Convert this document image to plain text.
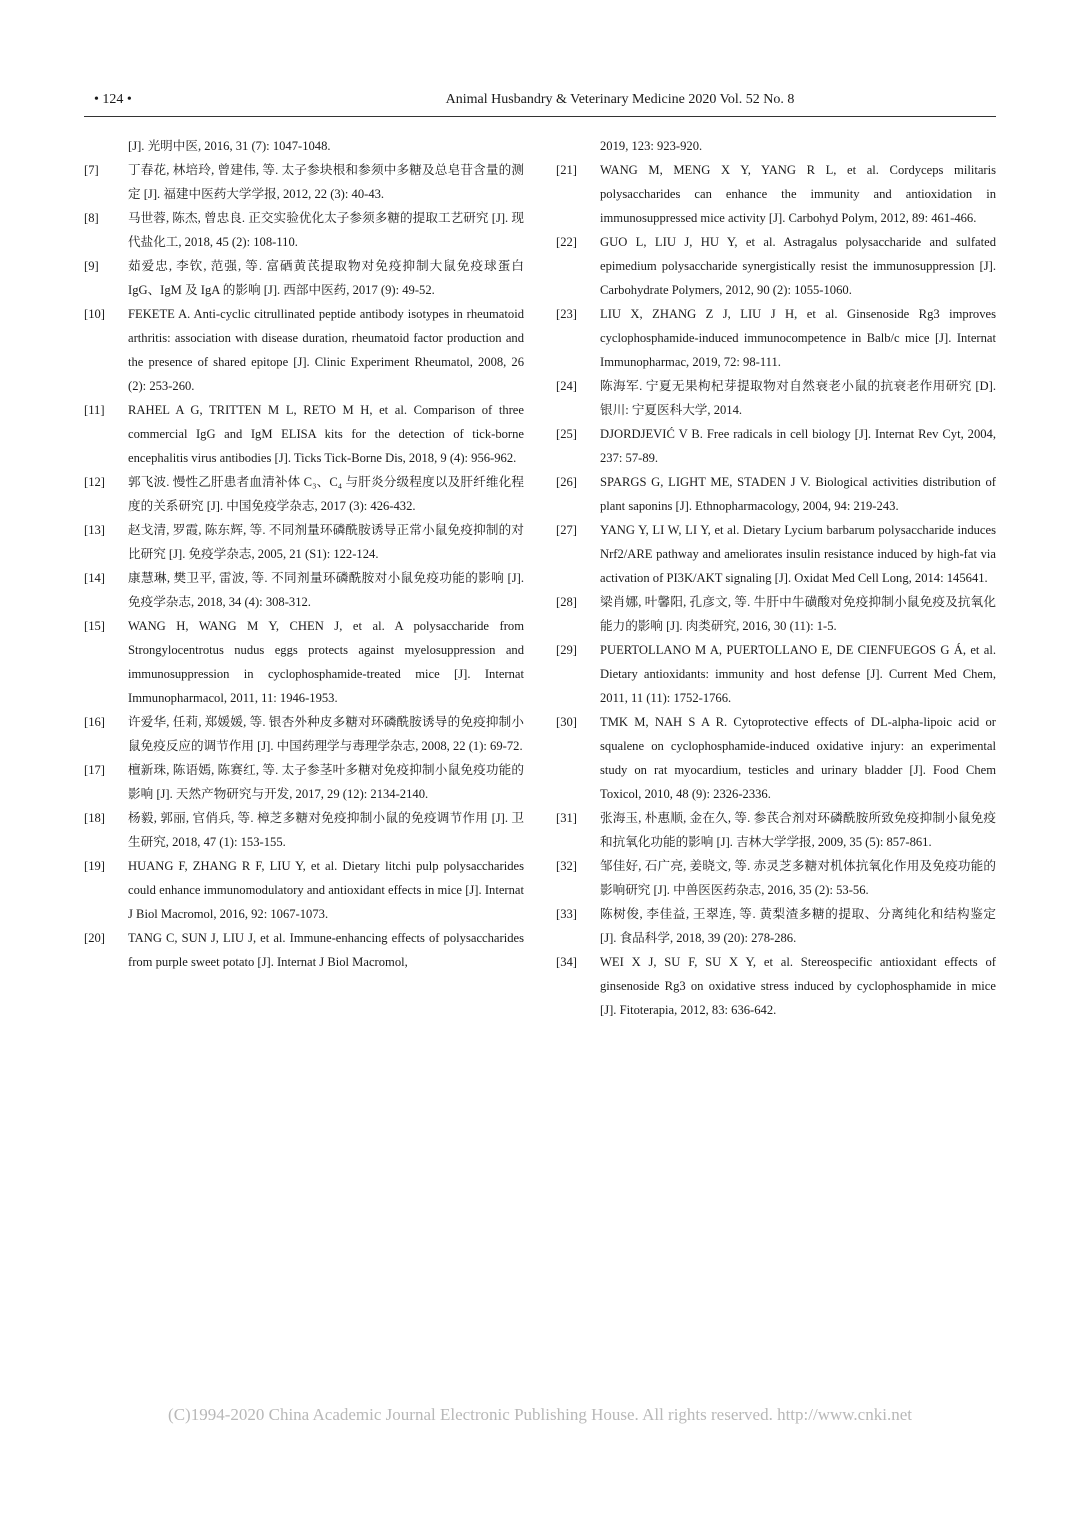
• 124 •	Animal Husbandry & Veterinary Medicine 2020 Vol. 52 No. 8
[J]. 光明中医, 2016, 31 (7): 1047-1048.
[7]	丁春花, 林培玲, 曾建伟, 等. 太子参块根和参须中多糖及总皂苷含量的测定 [J]. 福建中医药大学学报, 2012, 22 (3): 40-43.
[8]	马世蓉, 陈杰, 曾忠良. 正交实验优化太子参须多糖的提取工艺研究 [J]. 现代盐化工, 2018, 45 (2): 108-110.
[9]	茹爱忠, 李钦, 范强, 等. 富硒黄芪提取物对免疫抑制大鼠免疫球蛋白 IgG、IgM 及 IgA 的影响 [J]. 西部中医药, 2017 (9): 49-52.
[10]	FEKETE A. Anti-cyclic citrullinated peptide antibody isotypes in rheumatoid arthritis: association with disease duration, rheumatoid factor production and the presence of shared epitope [J]. Clinic Experiment Rheumatol, 2008, 26 (2): 253-260.
[11]	RAHEL A G, TRITTEN M L, RETO M H, et al. Comparison of three commercial IgG and IgM ELISA kits for the detection of tick-borne encephalitis virus antibodies [J]. Ticks Tick-Borne Dis, 2018, 9 (4): 956-962.
[12]	郭飞波. 慢性乙肝患者血清补体 C₃、C₄ 与肝炎分级程度以及肝纤维化程度的关系研究 [J]. 中国免疫学杂志, 2017 (3): 426-432.
[13]	赵戈清, 罗霞, 陈东辉, 等. 不同剂量环磷酰胺诱导正常小鼠免疫抑制的对比研究 [J]. 免疫学杂志, 2005, 21 (S1): 122-124.
[14]	康慧琳, 樊卫平, 雷波, 等. 不同剂量环磷酰胺对小鼠免疫功能的影响 [J]. 免疫学杂志, 2018, 34 (4): 308-312.
[15]	WANG H, WANG M Y, CHEN J, et al. A polysaccharide from Strongylocentrotus nudus eggs protects against myelosuppression and immunosuppression in cyclophosphamide-treated mice [J]. Internat Immunopharmacol, 2011, 11: 1946-1953.
[16]	许爱华, 任莉, 郑媛媛, 等. 银杏外种皮多糖对环磷酰胺诱导的免疫抑制小鼠免疫反应的调节作用 [J]. 中国药理学与毒理学杂志, 2008, 22 (1): 69-72.
[17]	檀新珠, 陈语嫣, 陈赛红, 等. 太子参茎叶多糖对免疫抑制小鼠免疫功能的影响 [J]. 天然产物研究与开发, 2017, 29 (12): 2134-2140.
[18]	杨毅, 郭丽, 官俏兵, 等. 樟芝多糖对免疫抑制小鼠的免疫调节作用 [J]. 卫生研究, 2018, 47 (1): 153-155.
[19]	HUANG F, ZHANG R F, LIU Y, et al. Dietary litchi pulp polysaccharides could enhance immunomodulatory and antioxidant effects in mice [J]. Internat J Biol Macromol, 2016, 92: 1067-1073.
[20]	TANG C, SUN J, LIU J, et al. Immune-enhancing effects of polysaccharides from purple sweet potato [J]. Internat J Biol Macromol,
2019, 123: 923-920.
[21]	WANG M, MENG X Y, YANG R L, et al. Cordyceps militaris polysaccharides can enhance the immunity and antioxidation in immunosuppressed mice activity [J]. Carbohyd Polym, 2012, 89: 461-466.
[22]	GUO L, LIU J, HU Y, et al. Astragalus polysaccharide and sulfated epimedium polysaccharide synergistically resist the immunosuppression [J]. Carbohydrate Polymers, 2012, 90 (2): 1055-1060.
[23]	LIU X, ZHANG Z J, LIU J H, et al. Ginsenoside Rg3 improves cyclophosphamide-induced immunocompetence in Balb/c mice [J]. Internat Immunopharmac, 2019, 72: 98-111.
[24]	陈海军. 宁夏无果枸杞芽提取物对自然衰老小鼠的抗衰老作用研究 [D]. 银川: 宁夏医科大学, 2014.
[25]	DJORDJEVIĆ V B. Free radicals in cell biology [J]. Internat Rev Cyt, 2004, 237: 57-89.
[26]	SPARGS G, LIGHT ME, STADEN J V. Biological activities distribution of plant saponins [J]. Ethnopharmacology, 2004, 94: 219-243.
[27]	YANG Y, LI W, LI Y, et al. Dietary Lycium barbarum polysaccharide induces Nrf2/ARE pathway and ameliorates insulin resistance induced by high-fat via activation of PI3K/AKT signaling [J]. Oxidat Med Cell Long, 2014: 145641.
[28]	梁肖娜, 叶馨阳, 孔彦文, 等. 牛肝中牛磺酸对免疫抑制小鼠免疫及抗氧化能力的影响 [J]. 肉类研究, 2016, 30 (11): 1-5.
[29]	PUERTOLLANO M A, PUERTOLLANO E, DE CIENFUEGOS G Á, et al. Dietary antioxidants: immunity and host defense [J]. Current Med Chem, 2011, 11 (11): 1752-1766.
[30]	TMK M, NAH S A R. Cytoprotective effects of DL-alpha-lipoic acid or squalene on cyclophosphamide-induced oxidative injury: an experimental study on rat myocardium, testicles and urinary bladder [J]. Food Chem Toxicol, 2010, 48 (9): 2326-2336.
[31]	张海玉, 朴惠顺, 金在久, 等. 参芪合剂对环磷酰胺所致免疫抑制小鼠免疫和抗氧化功能的影响 [J]. 吉林大学学报, 2009, 35 (5): 857-861.
[32]	邹佳好, 石广亮, 姜晓文, 等. 赤灵芝多糖对机体抗氧化作用及免疫功能的影响研究 [J]. 中兽医医药杂志, 2016, 35 (2): 53-56.
[33]	陈树俊, 李佳益, 王翠连, 等. 黄梨渣多糖的提取、分离纯化和结构鉴定 [J]. 食品科学, 2018, 39 (20): 278-286.
[34]	WEI X J, SU F, SU X Y, et al. Stereospecific antioxidant effects of ginsenoside Rg3 on oxidative stress induced by cyclophosphamide in mice [J]. Fitoterapia, 2012, 83: 636-642.
(C)1994-2020 China Academic Journal Electronic Publishing House. All rights reserved. http://www.cnki.net
